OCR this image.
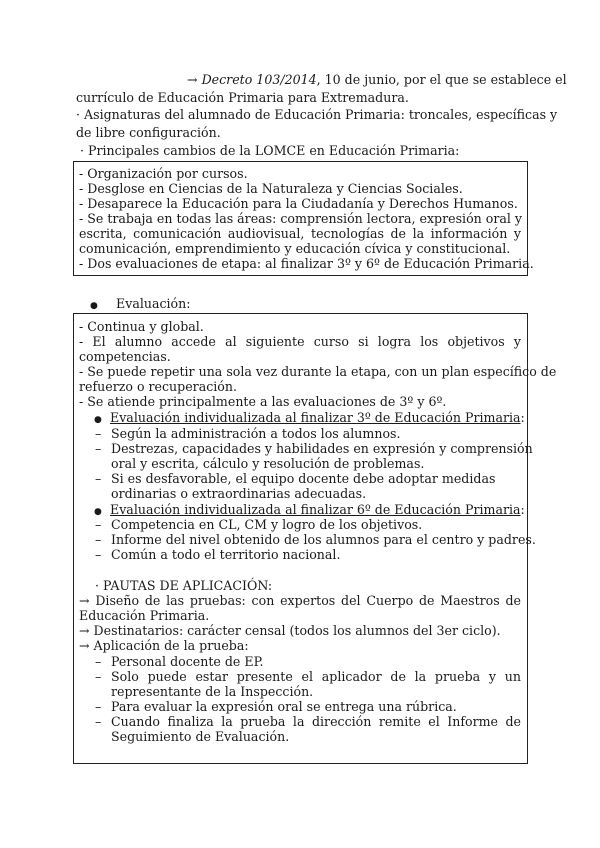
→ Decreto 103/2014, 10 de junio, por el que se establece el
currículo de Educación Primaria para Extremadura.
· Asignaturas del alumnado de Educación Primaria: troncales, específicas y
de libre configuración.
· Principales cambios de la LOMCE en Educación Primaria:
- Organización por cursos.
- Desglose en Ciencias de la Naturaleza y Ciencias Sociales.
- Desaparece la Educación para la Ciudadanía y Derechos Humanos.
- Se trabaja en todas las áreas: comprensión lectora, expresión oral y
escrita, comunicación audiovisual, tecnologías de la información y
comunicación, emprendimiento y educación cívica y constitucional.
- Dos evaluaciones de etapa: al finalizar 3º y 6º de Educación Primaria.
● Evaluación:
- Continua y global.
- El alumno accede al siguiente curso si logra los objetivos y
competencias.
- Se puede repetir una sola vez durante la etapa, con un plan específico de
refuerzo o recuperación.
- Se atiende principalmente a las evaluaciones de 3º y 6º.
● Evaluación individualizada al finalizar 3º de Educación Primaria:
– Según la administración a todos los alumnos.
– Destrezas, capacidades y habilidades en expresión y comprensión
oral y escrita, cálculo y resolución de problemas.
– Si es desfavorable, el equipo docente debe adoptar medidas
ordinarias o extraordinarias adecuadas.
● Evaluación individualizada al finalizar 6º de Educación Primaria:
– Competencia en CL, CM y logro de los objetivos.
– Informe del nivel obtenido de los alumnos para el centro y padres.
– Común a todo el territorio nacional.
· PAUTAS DE APLICACIÓN:
→ Diseño de las pruebas: con expertos del Cuerpo de Maestros de
Educación Primaria.
→ Destinatarios: carácter censal (todos los alumnos del 3er ciclo).
→ Aplicación de la prueba:
– Personal docente de EP.
– Solo puede estar presente el aplicador de la prueba y un
representante de la Inspección.
– Para evaluar la expresión oral se entrega una rúbrica.
– Cuando finaliza la prueba la dirección remite el Informe de
Seguimiento de Evaluación.
